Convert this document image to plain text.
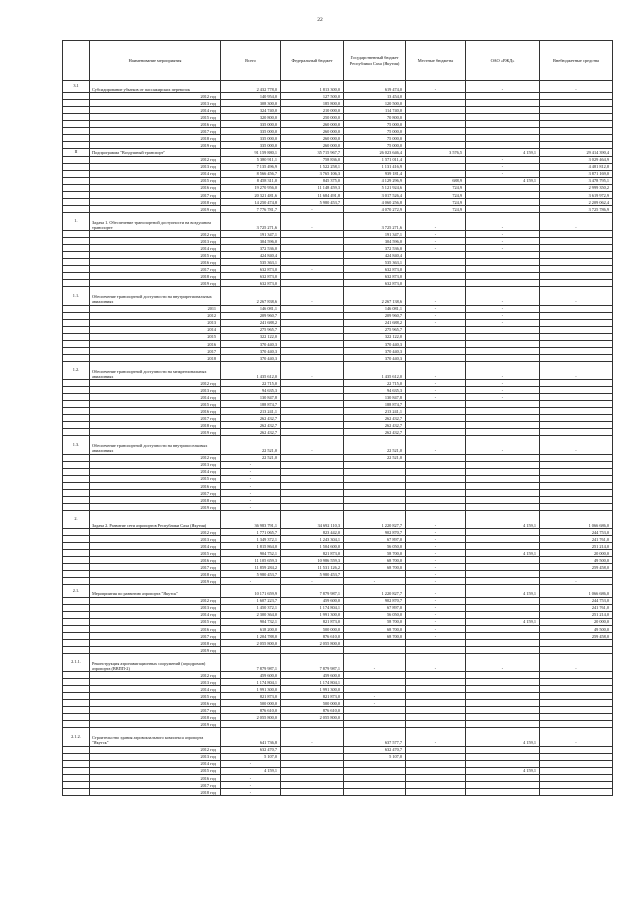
22
	Наименование мероприятия	Всего	Федеральный бюджет	Государственный бюджет Республики Саха (Якутия)	Местные бюджеты	ОАО «РЖД»	Внебюджетные средства
3.1	Субсидирование убытков от пассажирских перевозок	2 432 778,0	1 813 300,0	619 474,0	-	-	-
	2012 год	140 954,0	127 500,0	13 454,0			
	2013 год	308 300,0	185 800,0	120 500,0			
	2014 год	324 740,0	210 000,0	114 740,0			
	2015 год	320 800,0	250 000,0	70 800,0			
	2016 год	335 000,0	260 000,0	75 000,0			
	2017 год	335 000,0	260 000,0	75 000,0			
	2018 год	335 000,0	260 000,0	75 000,0			
	2019 год	335 000,0	260 000,0	75 000,0			
II	Подпрограмма "Воздушный транспорт"	91 159 880,1	35 715 967,7	26 023 646,4	3 576,5	4 159,1	29 414 390,4
	2012 год	5 380 911,1	758 836,0	1 571 011,4		-	3 029 464,9
	2013 год	7 135 496,9	1 522 258,1	1 131 416,9		-	4 481 812,8
	2014 год	8 566 456,7	3 765 106,3	939 181,4		-	3 871 169,0
	2015 год	8 458 311,0	845 375,0	4 129 296,9	688,9	4 159,1	3 478 795,1
	2016 год	19 270 956,0	11 148 459,3	5 121 924,6	724,9		2 999 350,2
	2017 год	20 321 481,6	11 684 491,8	3 017 526,4	724,9		3 619 972,9
	2018 год	14 250 474,8	5 980 453,7	4 060 256,8	724,9		2 209 062,4
	2019 год	7 776 781,7	-	4 070 272,9	724,9		3 725 786,9
1.	Задача 1. Обеспечение транспортной доступности на воздушном транспорте	3 725 271,6	-	3 725 271,6	-	-	-
	2012 год	191 347,1		191 347,1	-	-	
	2013 год	304 596,0		304 596,0	-	-	
	2014 год	372 536,0		372 536,0	-	-	
	2015 год	424 840,4		424 840,4			
	2016 год	535 363,1		535 363,1			
	2017 год	632 873,0	-	632 873,0			
	2018 год	632 873,0		632 873,0			
	2019 год	632 873,0		632 873,0			
1.1.	Обеспечение транспортной доступности на внутрирегиональных авиалиниях	2 267 838,6	-	2 267 138,6	-	-	-
	2011	146 081,1		146 081,1	-	-	
	2012	209 960,7		209 960,7	-	-	
	2013	241 688,2		241 688,2	-	-	
	2014	275 965,7		275 965,7			
	2015	322 122,0		322 122,0			
	2016	370 440,3		370 440,3			
	2017	370 440,3		370 440,3			
	2018	370 440,3		370 440,3			
1.2.	Обеспечение транспортной доступности на межрегиональных авиалиниях	1 435 612,0	-	1 435 612,0	-	-	-
	2012 год	22 715,0		22 715,0	-	-	
	2013 год	94 635,3		94 635,3	-	-	
	2014 год	130 847,8		130 847,8	-	-	
	2015 год	188 874,7		188 874,7			
	2016 год	213 241,1		213 241,1			
	2017 год	262 432,7		262 432,7			
	2018 год	262 432,7		262 432,7			
	2019 год	262 432,7		262 432,7			
1.3.	Обеспечение транспортной доступности на внутрипоселковых авиалиниях	22 521,0	-	22 521,0	-	-	-
	2012 год	22 521,0		22 521,0			
	2013 год	-					
	2014 год	-					
	2015 год	-					
	2016 год	-					
	2017 год	-					
	2018 год	-					
	2019 год	-					
2.	Задача 2. Развитие сети аэропортов Республики Саха (Якутия)	36 983 791,1	34 692 110,3	1 220 827,7	-	4 159,1	1 066 686,0
	2012 год	1 771 065,7	823 442,0	902 870,7	-		244 753,0
	2013 год	1 349 372,1	1 243 304,1	67 897,0	-		241 761,0
	2014 год	1 815 864,0	1 504 600,0	56 050,0	-		251 214,0
	2015 год	904 752,1	821 873,0	58 700,0	-	4 159,1	20 000,0
	2016 год	11 105 659,3	10 986 559,3	68 700,0	-		49 500,0
	2017 год	11 859 284,2	11 531 126,2	68 700,0	-		259 458,0
	2018 год	5 980 453,7	5 980 453,7		-		
	2019 год	-	-	-	-		-
2.1.	Мероприятия по развитию аэропорта "Якутск"	10 171 659,9	7 879 987,1	1 220 827,7	-	4 159,1	1 066 686,0
	2012 год	1 607 223,7	459 600,0	902 870,7	-		244 753,0
	2013 год	1 450 372,1	1 174 804,1	67 897,0	-		241 761,0
	2014 год	2 300 364,0	1 991 300,0	56 050,0	-		251 214,0
	2015 год	904 732,1	821 873,0	58 700,0	-	4 159,1	20 000,0
	2016 год	618 200,0	500 000,0	68 700,0	-		49 500,0
	2017 год	1 204 788,0	876 610,0	68 700,0	-		259 458,0
	2018 год	2 055 800,0	2 055 800,0				
	2019 год						
2.1.1.	Реконструкция аэронавигационных сооружений (аэродромов) аэропорта (ВВПП-2)	7 879 987,1	7 879 987,1	-	-	-	-
	2012 год	459 600,0	459 600,0				
	2013 год	1 174 804,1	1 174 804,1				
	2014 год	1 991 300,0	1 991 300,0				
	2015 год	821 873,0	821 873,0	-			
	2016 год	500 000,0	500 000,0	-			
	2017 год	876 610,0	876 610,0				
	2018 год	2 055 800,0	2 055 800,0				
	2019 год						
2.1.2.	Строительство здания аэровокзального комплекса аэропорта "Якутск"	641 736,8	-	637 577,7	-	4 159,1	-
	2012 год	632 470,7		632 470,7			
	2013 год	5 107,0		5 107,0			
	2014 год	-					
	2015 год	4 159,1				4 159,1	
	2016 год	-					
	2017 год	-					
	2018 год	-					
